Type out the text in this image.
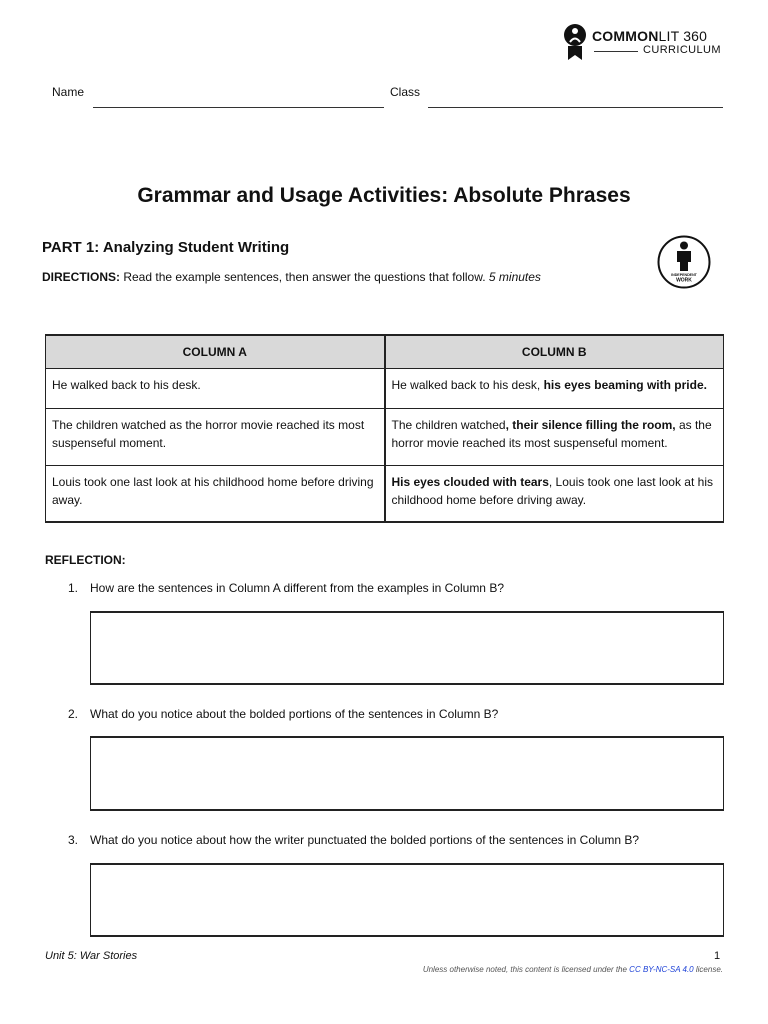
COMMONLIT 360
CURRICULUM
Name	Class
Grammar and Usage Activities: Absolute Phrases
PART 1: Analyzing Student Writing
DIRECTIONS: Read the example sentences, then answer the questions that follow. 5 minutes	INDEPENDENT
WORK
COLUMN A	COLUMN B
He walked back to his desk.	He walked back to his desk, his eyes beaming with pride.
The children watched as the horror movie reached its most suspenseful moment.	The children watched, their silence filling the room, as the horror movie reached its most suspenseful moment.
Louis took one last look at his childhood home before driving away.	His eyes clouded with tears, Louis took one last look at his childhood home before driving away.
REFLECTION:
1. How are the sentences in Column A different from the examples in Column B?
2. What do you notice about the bolded portions of the sentences in Column B?
3. What do you notice about how the writer punctuated the bolded portions of the sentences in Column B?
Unit 5: War Stories	1
Unless otherwise noted, this content is licensed under the CC BY-NC-SA 4.0 license.
